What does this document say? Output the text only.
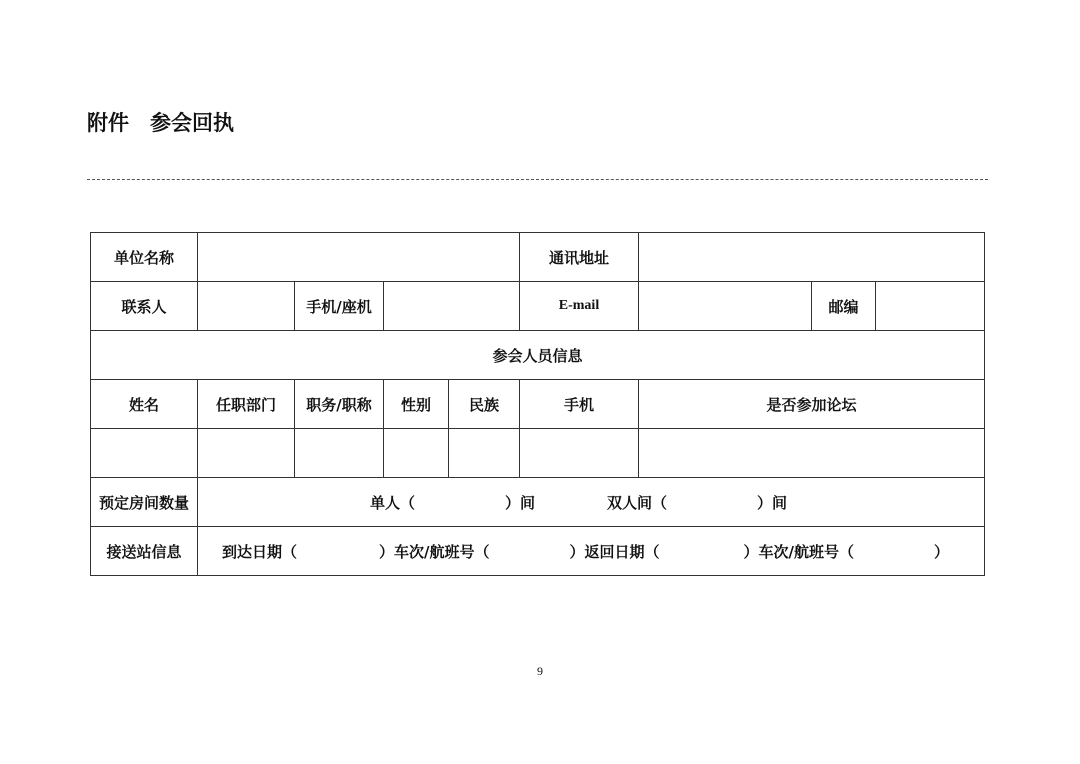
附件　参会回执
单位名称					通讯地址			
联系人		手机/座机			E-mail		邮编	
参会人员信息								
姓名	任职部门	职务/职称	性别	民族	手机	是否参加论坛		

预定房间数量	单人（ ）间 双人间（ ）间							

接送站信息	到达日期（ ）车次/航班号（ ）返回日期（ ）车次/航班号（ ）							
9
